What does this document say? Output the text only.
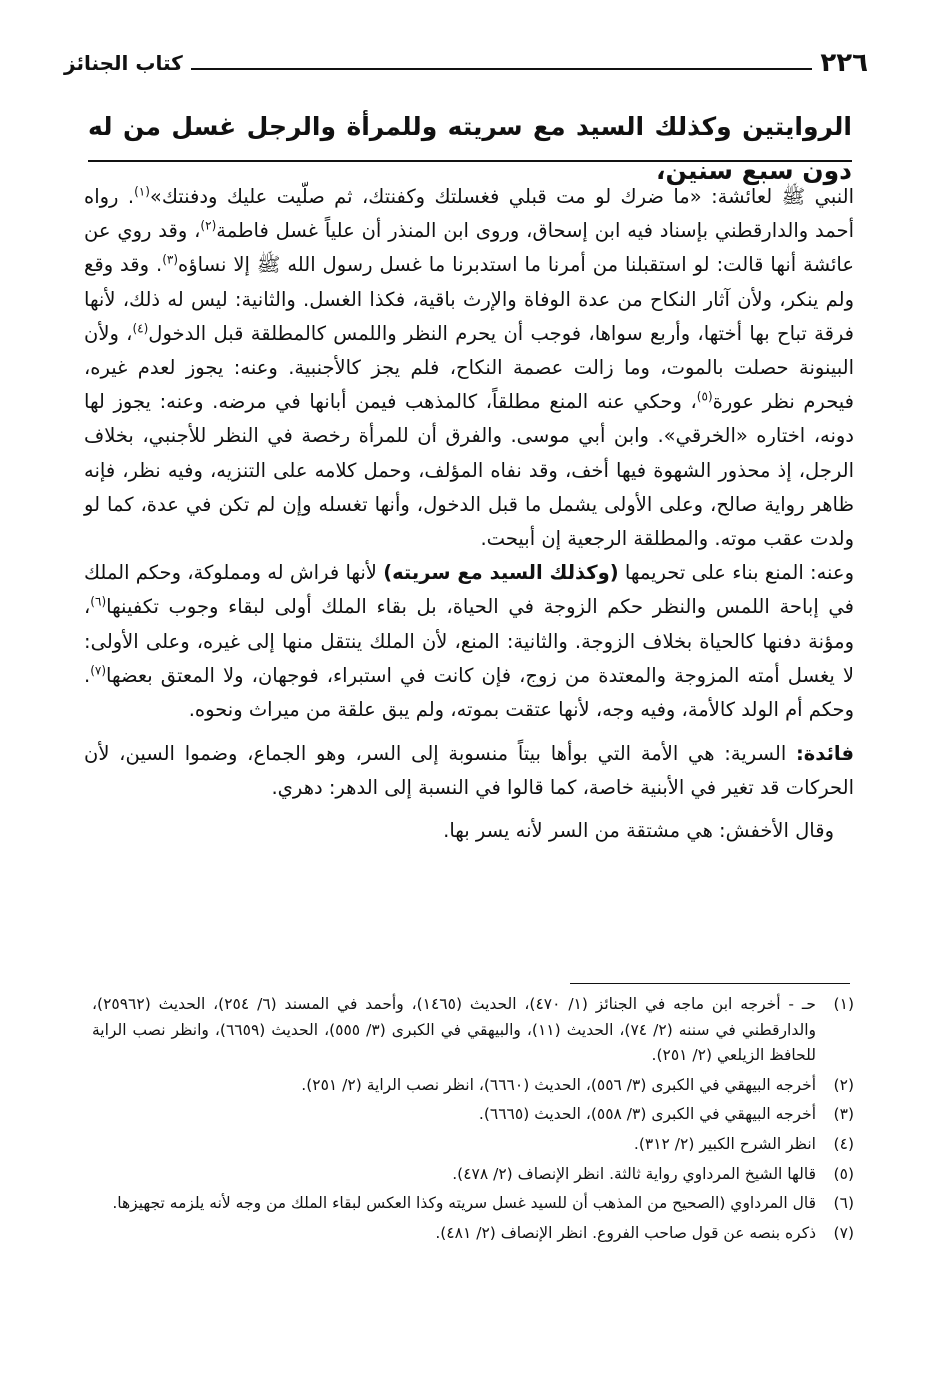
٢٢٦
كتاب الجنائز
الروايتين وكذلك السيد مع سريته وللمرأة والرجل غسل من له دون سبع سنين،

النبي ﷺ لعائشة: «ما ضرك لو مت قبلي فغسلتك وكفنتك، ثم صلّيت عليك ودفنتك»$^{(١)}$. رواه أحمد والدارقطني بإسناد فيه ابن إسحاق، وروى ابن المنذر أن علياً غسل فاطمة$^{(٢)}$، وقد روي عن عائشة أنها قالت: لو استقبلنا من أمرنا ما استدبرنا ما غسل رسول الله ﷺ إلا نساؤه$^{(٣)}$. وقد وقع ولم ينكر، ولأن آثار النكاح من عدة الوفاة والإرث باقية، فكذا الغسل. والثانية: ليس له ذلك، لأنها فرقة تباح بها أختها، وأربع سواها، فوجب أن يحرم النظر واللمس كالمطلقة قبل الدخول$^{(٤)}$، ولأن البينونة حصلت بالموت، وما زالت عصمة النكاح، فلم يجز كالأجنبية. وعنه: يجوز لعدم غيره، فيحرم نظر عورة$^{(٥)}$، وحكي عنه المنع مطلقاً، كالمذهب فيمن أبانها في مرضه. وعنه: يجوز لها دونه، اختاره «الخرقي». وابن أبي موسى. والفرق أن للمرأة رخصة في النظر للأجنبي، بخلاف الرجل، إذ محذور الشهوة فيها أخف، وقد نفاه المؤلف، وحمل كلامه على التنزيه، وفيه نظر، فإنه ظاهر رواية صالح، وعلى الأولى يشمل ما قبل الدخول، وأنها تغسله وإن لم تكن في عدة، كما لو ولدت عقب موته. والمطلقة الرجعية إن أبيحت.

وعنه: المنع بناء على تحريمها (وكذلك السيد مع سريته) لأنها فراش له ومملوكة، وحكم الملك في إباحة اللمس والنظر حكم الزوجة في الحياة، بل بقاء الملك أولى لبقاء وجوب تكفينها$^{(٦)}$، ومؤنة دفنها كالحياة بخلاف الزوجة. والثانية: المنع، لأن الملك ينتقل منها إلى غيره، وعلى الأولى: لا يغسل أمته المزوجة والمعتدة من زوج، فإن كانت في استبراء، فوجهان، ولا المعتق بعضها$^{(٧)}$. وحكم أم الولد كالأمة، وفيه وجه، لأنها عتقت بموته، ولم يبق علقة من ميراث ونحوه.

فائدة: السرية: هي الأمة التي بوأها بيتاً منسوبة إلى السر، وهو الجماع، وضموا السين، لأن الحركات قد تغير في الأبنية خاصة، كما قالوا في النسبة إلى الدهر: دهري.

وقال الأخفش: هي مشتقة من السر لأنه يسر بها.

(١)
حـ - أخرجه ابن ماجه في الجنائز (١/ ٤٧٠)، الحديث (١٤٦٥)، وأحمد في المسند (٦/ ٢٥٤)، الحديث (٢٥٩٦٢)، والدارقطني في سننه (٢/ ٧٤)، الحديث (١١)، والبيهقي في الكبرى (٣/ ٥٥٥)، الحديث (٦٦٥٩)، وانظر نصب الراية للحافظ الزيلعي (٢/ ٢٥١).
(٢)
أخرجه البيهقي في الكبرى (٣/ ٥٥٦)، الحديث (٦٦٦٠)، انظر نصب الراية (٢/ ٢٥١).
(٣)
أخرجه البيهقي في الكبرى (٣/ ٥٥٨)، الحديث (٦٦٦٥).
(٤)
انظر الشرح الكبير (٢/ ٣١٢).
(٥)
قالها الشيخ المرداوي رواية ثالثة. انظر الإنصاف (٢/ ٤٧٨).
(٦)
قال المرداوي (الصحيح من المذهب أن للسيد غسل سريته وكذا العكس لبقاء الملك من وجه لأنه يلزمه تجهيزها.
(٧)
ذكره بنصه عن قول صاحب الفروع. انظر الإنصاف (٢/ ٤٨١).
